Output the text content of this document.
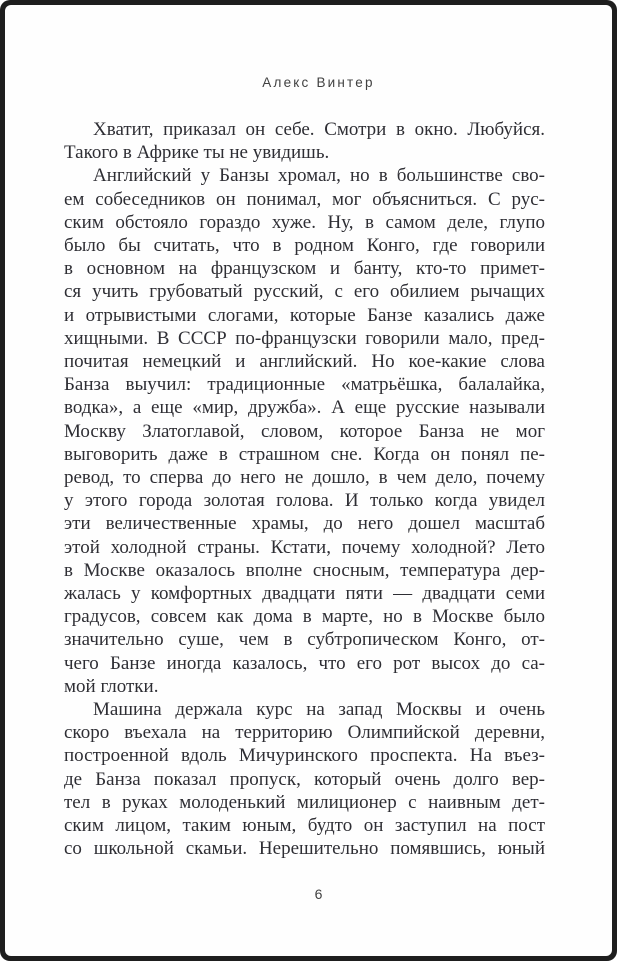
Алекс Винтер
Хватит, приказал он себе. Смотри в окно. Любуйся.
Такого в Африке ты не увидишь.
Английский у Банзы хромал, но в большинстве сво-
ем собеседников он понимал, мог объясниться. С рус-
ским обстояло гораздо хуже. Ну, в самом деле, глупо
было бы считать, что в родном Конго, где говорили
в основном на французском и банту, кто-то примет-
ся учить грубоватый русский, с его обилием рычащих
и отрывистыми слогами, которые Банзе казались даже
хищными. В СССР по-французски говорили мало, пред-
почитая немецкий и английский. Но кое-какие слова
Банза выучил: традиционные «матрьёшка, балалайка,
водка», а еще «мир, дружба». А еще русские называли
Москву Златоглавой, словом, которое Банза не мог
выговорить даже в страшном сне. Когда он понял пе-
ревод, то сперва до него не дошло, в чем дело, почему
у этого города золотая голова. И только когда увидел
эти величественные храмы, до него дошел масштаб
этой холодной страны. Кстати, почему холодной? Лето
в Москве оказалось вполне сносным, температура дер-
жалась у комфортных двадцати пяти — двадцати семи
градусов, совсем как дома в марте, но в Москве было
значительно суше, чем в субтропическом Конго, от-
чего Банзе иногда казалось, что его рот высох до са-
мой глотки.
Машина держала курс на запад Москвы и очень
скоро въехала на территорию Олимпийской деревни,
построенной вдоль Мичуринского проспекта. На въез-
де Банза показал пропуск, который очень долго вер-
тел в руках молоденький милиционер с наивным дет-
ским лицом, таким юным, будто он заступил на пост
со школьной скамьи. Нерешительно помявшись, юный
6
